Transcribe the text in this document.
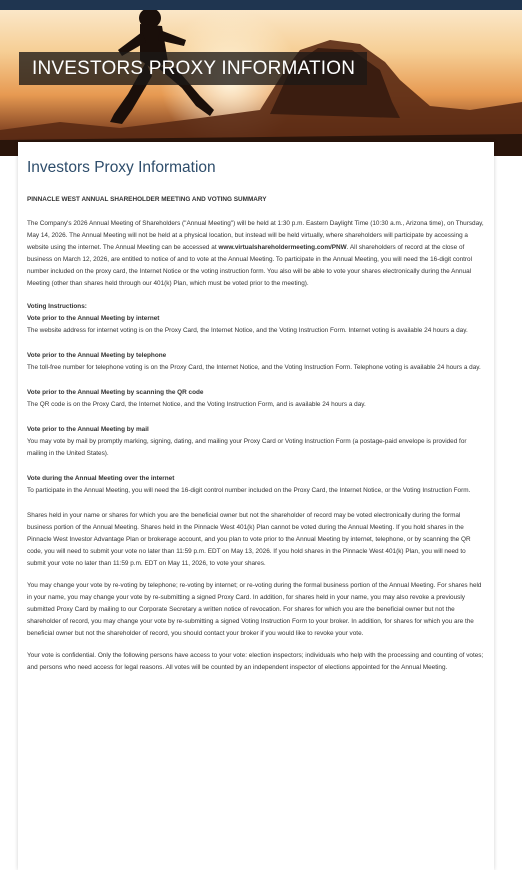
INVESTORS PROXY INFORMATION
Investors Proxy Information

PINNACLE WEST ANNUAL SHAREHOLDER MEETING AND VOTING SUMMARY

The Company's 2026 Annual Meeting of Shareholders ("Annual Meeting") will be held at 1:30 p.m. Eastern Daylight Time (10:30 a.m., Arizona time), on Thursday, May 14, 2026. The Annual Meeting will not be held at a physical location, but instead will be held virtually, where shareholders will participate by accessing a website using the internet. The Annual Meeting can be accessed at www.virtualshareholdermeeting.com/PNW. All shareholders of record at the close of business on March 12, 2026, are entitled to notice of and to vote at the Annual Meeting. To participate in the Annual Meeting, you will need the 16-digit control number included on the proxy card, the Internet Notice or the voting instruction form. You also will be able to vote your shares electronically during the Annual Meeting (other than shares held through our 401(k) Plan, which must be voted prior to the meeting).

Voting Instructions:

Vote prior to the Annual Meeting by internet

The website address for internet voting is on the Proxy Card, the Internet Notice, and the Voting Instruction Form. Internet voting is available 24 hours a day.

Vote prior to the Annual Meeting by telephone

The toll-free number for telephone voting is on the Proxy Card, the Internet Notice, and the Voting Instruction Form. Telephone voting is available 24 hours a day.

Vote prior to the Annual Meeting by scanning the QR code

The QR code is on the Proxy Card, the Internet Notice, and the Voting Instruction Form, and is available 24 hours a day.

Vote prior to the Annual Meeting by mail

You may vote by mail by promptly marking, signing, dating, and mailing your Proxy Card or Voting Instruction Form (a postage-paid envelope is provided for mailing in the United States).

Vote during the Annual Meeting over the internet

To participate in the Annual Meeting, you will need the 16-digit control number included on the Proxy Card, the Internet Notice, or the Voting Instruction Form.

Shares held in your name or shares for which you are the beneficial owner but not the shareholder of record may be voted electronically during the formal business portion of the Annual Meeting. Shares held in the Pinnacle West 401(k) Plan cannot be voted during the Annual Meeting. If you hold shares in the Pinnacle West Investor Advantage Plan or brokerage account, and you plan to vote prior to the Annual Meeting by internet, telephone, or by scanning the QR code, you will need to submit your vote no later than 11:59 p.m. EDT on May 13, 2026. If you hold shares in the Pinnacle West 401(k) Plan, you will need to submit your vote no later than 11:59 p.m. EDT on May 11, 2026, to vote your shares.

You may change your vote by re-voting by telephone; re-voting by internet; or re-voting during the formal business portion of the Annual Meeting. For shares held in your name, you may change your vote by re-submitting a signed Proxy Card. In addition, for shares held in your name, you may also revoke a previously submitted Proxy Card by mailing to our Corporate Secretary a written notice of revocation. For shares for which you are the beneficial owner but not the shareholder of record, you may change your vote by re-submitting a signed Voting Instruction Form to your broker. In addition, for shares for which you are the beneficial owner but not the shareholder of record, you should contact your broker if you would like to revoke your vote.

Your vote is confidential. Only the following persons have access to your vote: election inspectors; individuals who help with the processing and counting of votes; and persons who need access for legal reasons. All votes will be counted by an independent inspector of elections appointed for the Annual Meeting.
